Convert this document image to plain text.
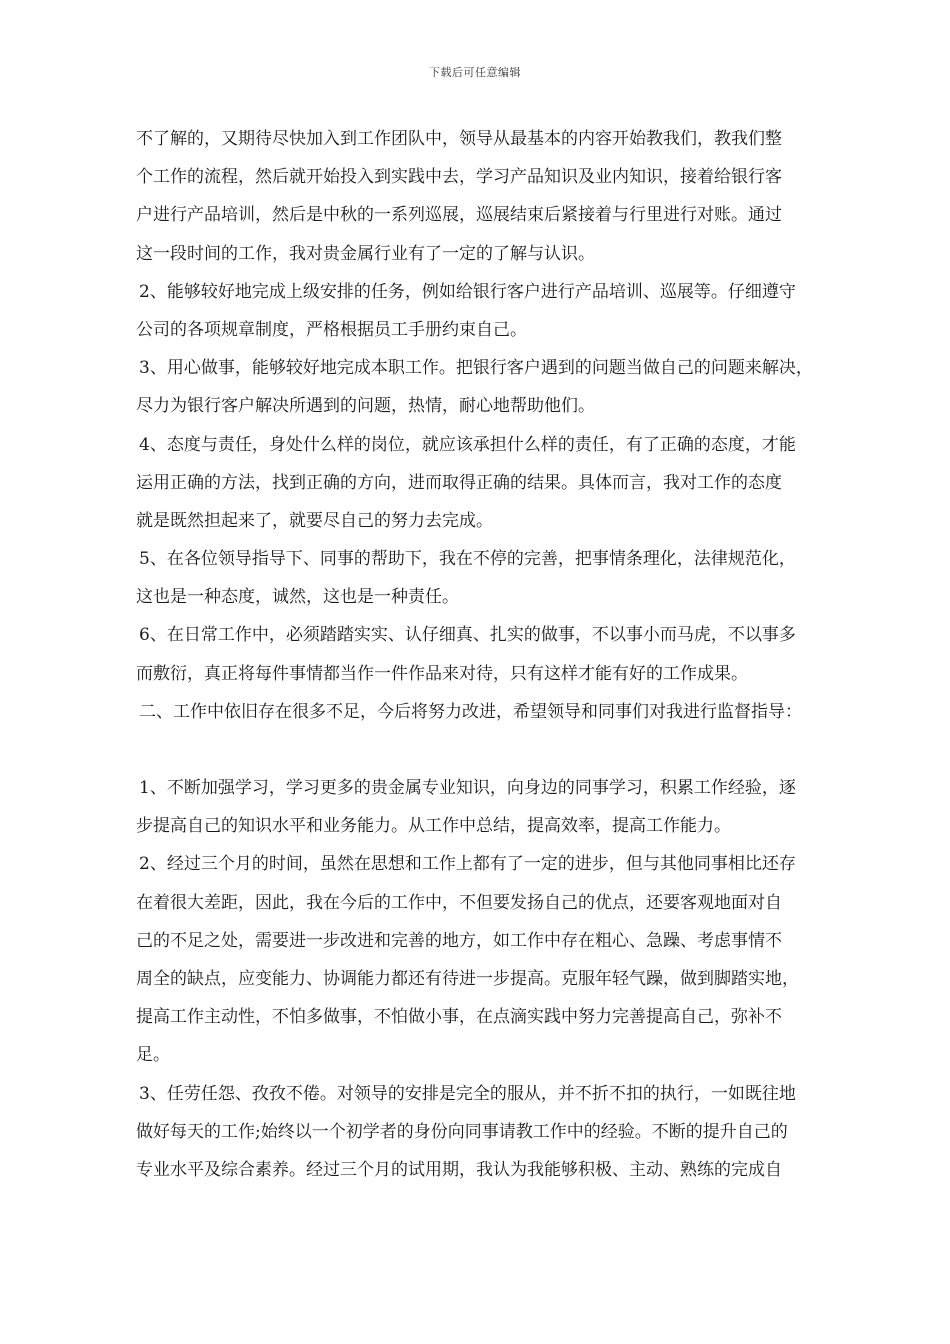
下载后可任意编辑
不了解的，又期待尽快加入到工作团队中，领导从最基本的内容开始教我们，教我们整
个工作的流程，然后就开始投入到实践中去，学习产品知识及业内知识，接着给银行客
户进行产品培训，然后是中秋的一系列巡展，巡展结束后紧接着与行里进行对账。通过
这一段时间的工作，我对贵金属行业有了一定的了解与认识。
2、能够较好地完成上级安排的任务，例如给银行客户进行产品培训、巡展等。仔细遵守
公司的各项规章制度，严格根据员工手册约束自己。
3、用心做事，能够较好地完成本职工作。把银行客户遇到的问题当做自己的问题来解决，
尽力为银行客户解决所遇到的问题，热情，耐心地帮助他们。
4、态度与责任，身处什么样的岗位，就应该承担什么样的责任，有了正确的态度，才能
运用正确的方法，找到正确的方向，进而取得正确的结果。具体而言，我对工作的态度
就是既然担起来了，就要尽自己的努力去完成。
5、在各位领导指导下、同事的帮助下，我在不停的完善，把事情条理化，法律规范化，
这也是一种态度，诚然，这也是一种责任。
6、在日常工作中，必须踏踏实实、认仔细真、扎实的做事，不以事小而马虎，不以事多
而敷衍，真正将每件事情都当作一件作品来对待，只有这样才能有好的工作成果。
二、工作中依旧存在很多不足，今后将努力改进，希望领导和同事们对我进行监督指导：
1、不断加强学习，学习更多的贵金属专业知识，向身边的同事学习，积累工作经验，逐
步提高自己的知识水平和业务能力。从工作中总结，提高效率，提高工作能力。
2、经过三个月的时间，虽然在思想和工作上都有了一定的进步，但与其他同事相比还存
在着很大差距，因此，我在今后的工作中，不但要发扬自己的优点，还要客观地面对自
己的不足之处，需要进一步改进和完善的地方，如工作中存在粗心、急躁、考虑事情不
周全的缺点，应变能力、协调能力都还有待进一步提高。克服年轻气躁，做到脚踏实地，
提高工作主动性，不怕多做事，不怕做小事，在点滴实践中努力完善提高自己，弥补不
足。
3、任劳任怨、孜孜不倦。对领导的安排是完全的服从，并不折不扣的执行，一如既往地
做好每天的工作;始终以一个初学者的身份向同事请教工作中的经验。不断的提升自己的
专业水平及综合素养。经过三个月的试用期，我认为我能够积极、主动、熟练的完成自
